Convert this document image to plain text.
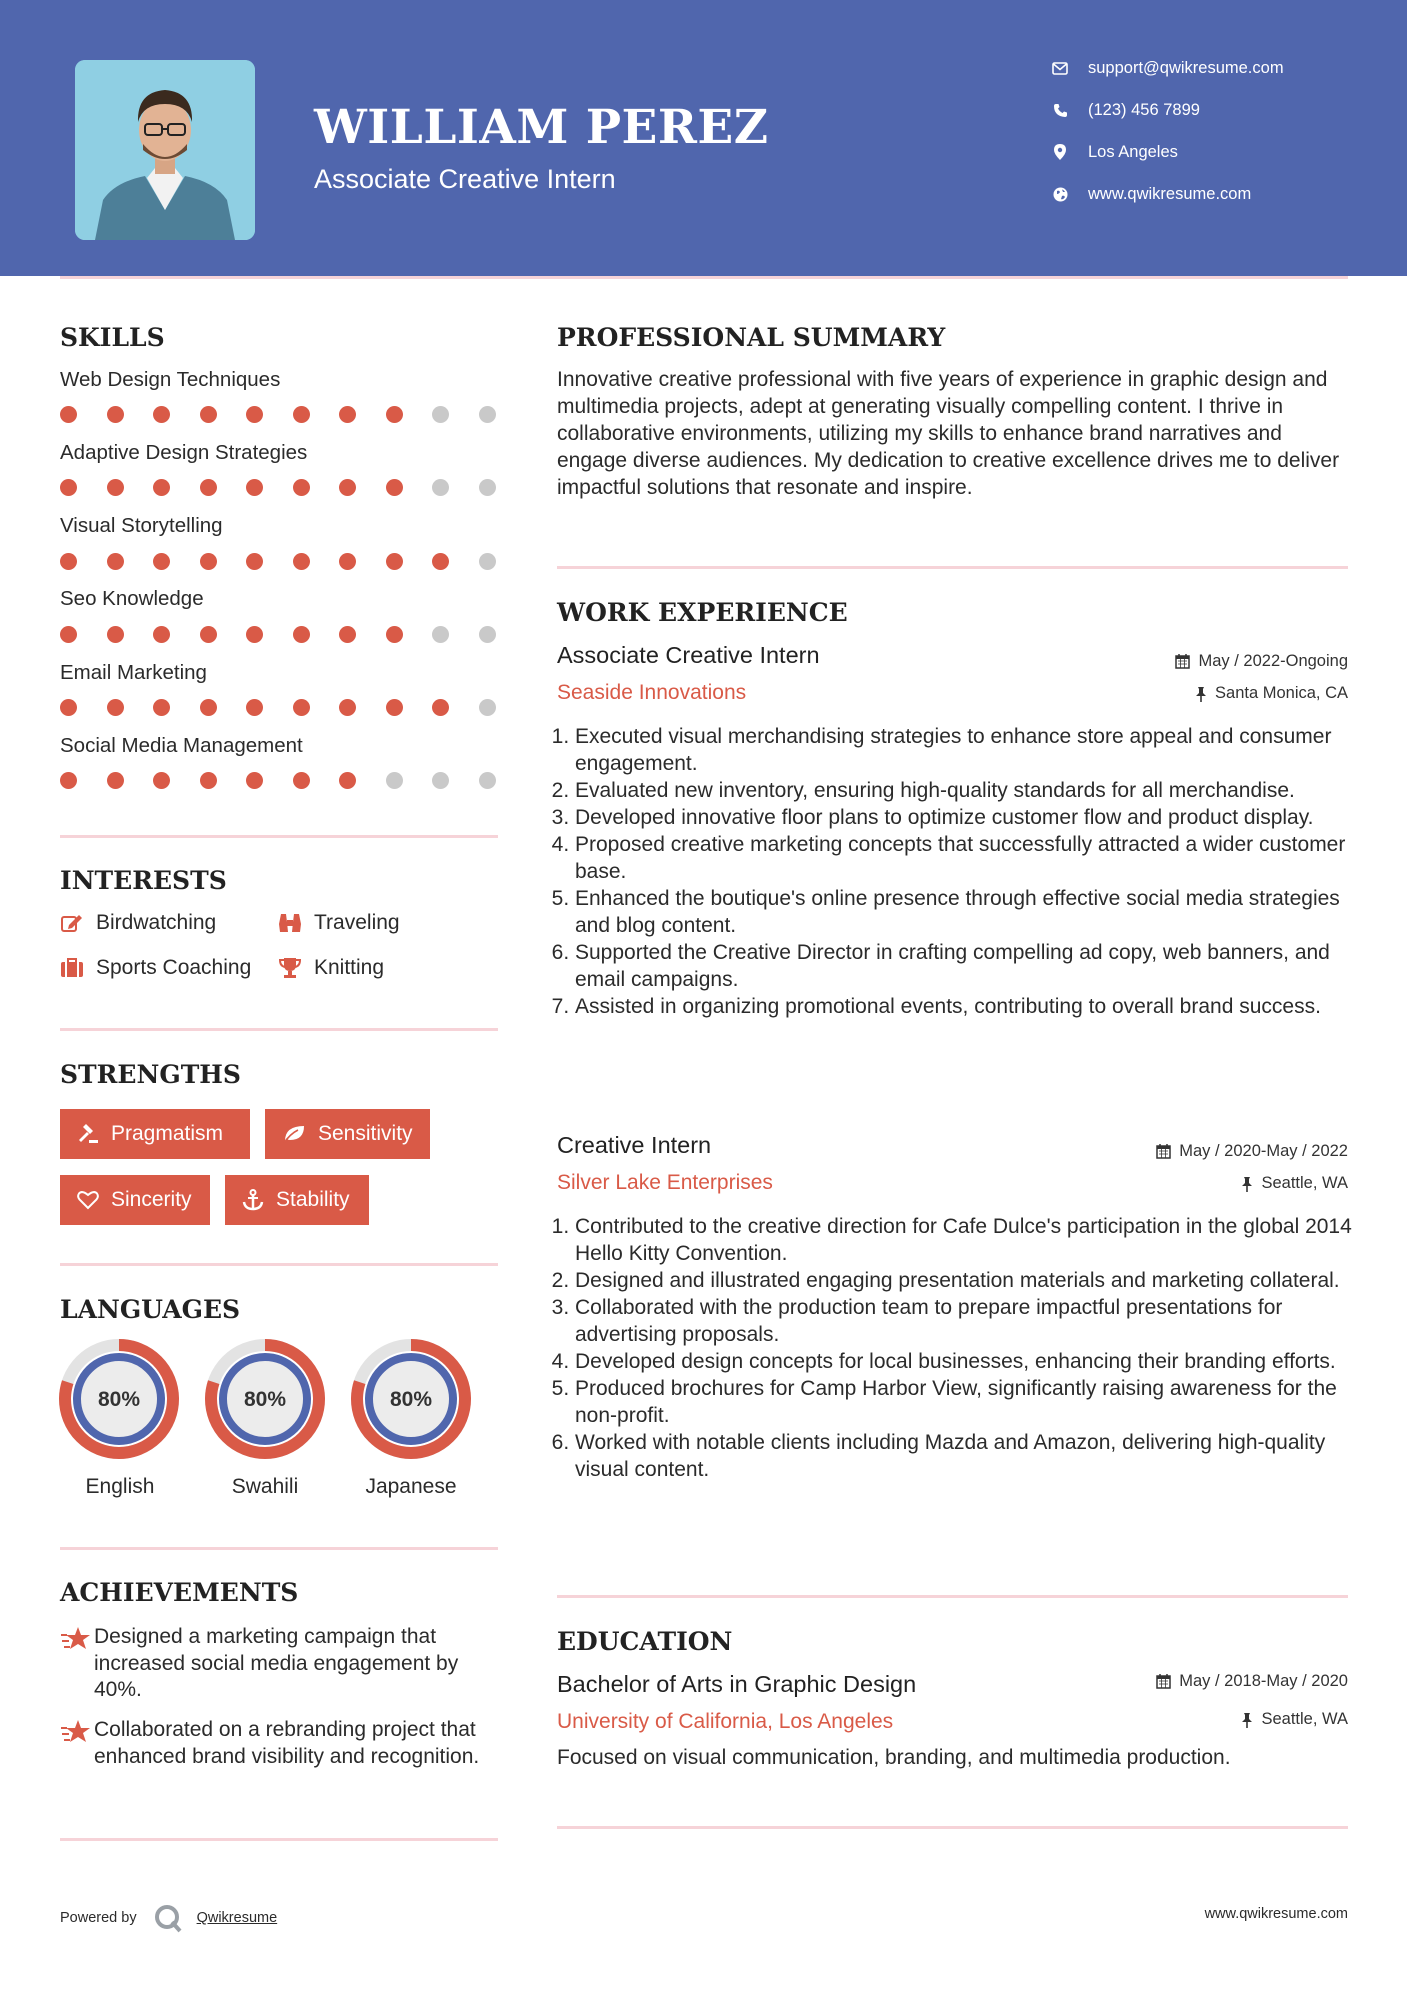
WILLIAM PEREZ
Associate Creative Intern
support@qwikresume.com
(123) 456 7899
Los Angeles
www.qwikresume.com
SKILLS
Web Design Techniques
Adaptive Design Strategies
Visual Storytelling
Seo Knowledge
Email Marketing
Social Media Management
INTERESTS
Birdwatching	Traveling
Sports Coaching	Knitting
STRENGTHS
Pragmatism	Sensitivity
Sincerity	Stability
LANGUAGES
80%	80%	80%
English	Swahili	Japanese
ACHIEVEMENTS
Designed a marketing campaign that increased social media engagement by 40%.
Collaborated on a rebranding project that enhanced brand visibility and recognition.
PROFESSIONAL SUMMARY
Innovative creative professional with five years of experience in graphic design and multimedia projects, adept at generating visually compelling content. I thrive in collaborative environments, utilizing my skills to enhance brand narratives and engage diverse audiences. My dedication to creative excellence drives me to deliver impactful solutions that resonate and inspire.
WORK EXPERIENCE
Associate Creative Intern	May / 2022-Ongoing
Seaside Innovations	Santa Monica, CA
1. Executed visual merchandising strategies to enhance store appeal and consumer engagement.
2. Evaluated new inventory, ensuring high-quality standards for all merchandise.
3. Developed innovative floor plans to optimize customer flow and product display.
4. Proposed creative marketing concepts that successfully attracted a wider customer base.
5. Enhanced the boutique's online presence through effective social media strategies and blog content.
6. Supported the Creative Director in crafting compelling ad copy, web banners, and email campaigns.
7. Assisted in organizing promotional events, contributing to overall brand success.
Creative Intern	May / 2020-May / 2022
Silver Lake Enterprises	Seattle, WA
1. Contributed to the creative direction for Cafe Dulce's participation in the global 2014 Hello Kitty Convention.
2. Designed and illustrated engaging presentation materials and marketing collateral.
3. Collaborated with the production team to prepare impactful presentations for advertising proposals.
4. Developed design concepts for local businesses, enhancing their branding efforts.
5. Produced brochures for Camp Harbor View, significantly raising awareness for the non-profit.
6. Worked with notable clients including Mazda and Amazon, delivering high-quality visual content.
EDUCATION
Bachelor of Arts in Graphic Design	May / 2018-May / 2020
University of California, Los Angeles	Seattle, WA
Focused on visual communication, branding, and multimedia production.
Powered by	Qwikresume	www.qwikresume.com
